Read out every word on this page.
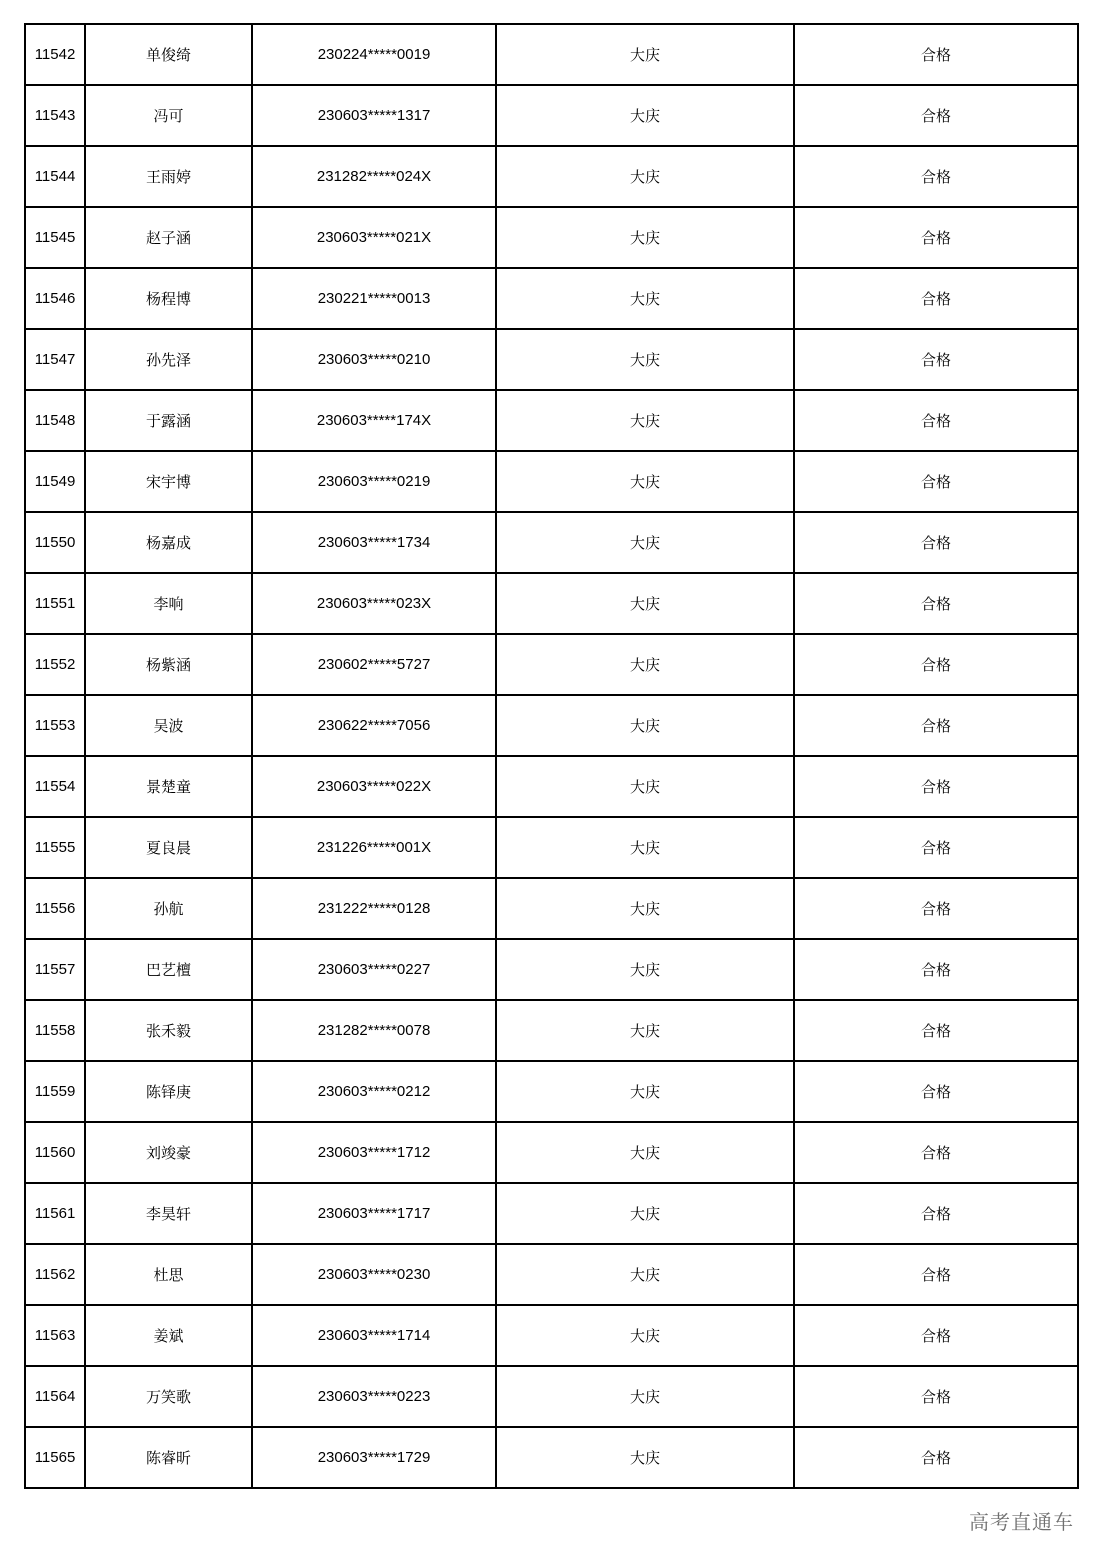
11542	单俊绮	230224*****0019	大庆	合格
11543	冯可	230603*****1317	大庆	合格
11544	王雨婷	231282*****024X	大庆	合格
11545	赵子涵	230603*****021X	大庆	合格
11546	杨程博	230221*****0013	大庆	合格
11547	孙先泽	230603*****0210	大庆	合格
11548	于露涵	230603*****174X	大庆	合格
11549	宋宇博	230603*****0219	大庆	合格
11550	杨嘉成	230603*****1734	大庆	合格
11551	李响	230603*****023X	大庆	合格
11552	杨紫涵	230602*****5727	大庆	合格
11553	吴波	230622*****7056	大庆	合格
11554	景楚童	230603*****022X	大庆	合格
11555	夏良晨	231226*****001X	大庆	合格
11556	孙航	231222*****0128	大庆	合格
11557	巴艺檀	230603*****0227	大庆	合格
11558	张禾毅	231282*****0078	大庆	合格
11559	陈铎庚	230603*****0212	大庆	合格
11560	刘竣豪	230603*****1712	大庆	合格
11561	李昊轩	230603*****1717	大庆	合格
11562	杜思	230603*****0230	大庆	合格
11563	姜斌	230603*****1714	大庆	合格
11564	万笑歌	230603*****0223	大庆	合格
11565	陈睿昕	230603*****1729	大庆	合格
高考直通车
